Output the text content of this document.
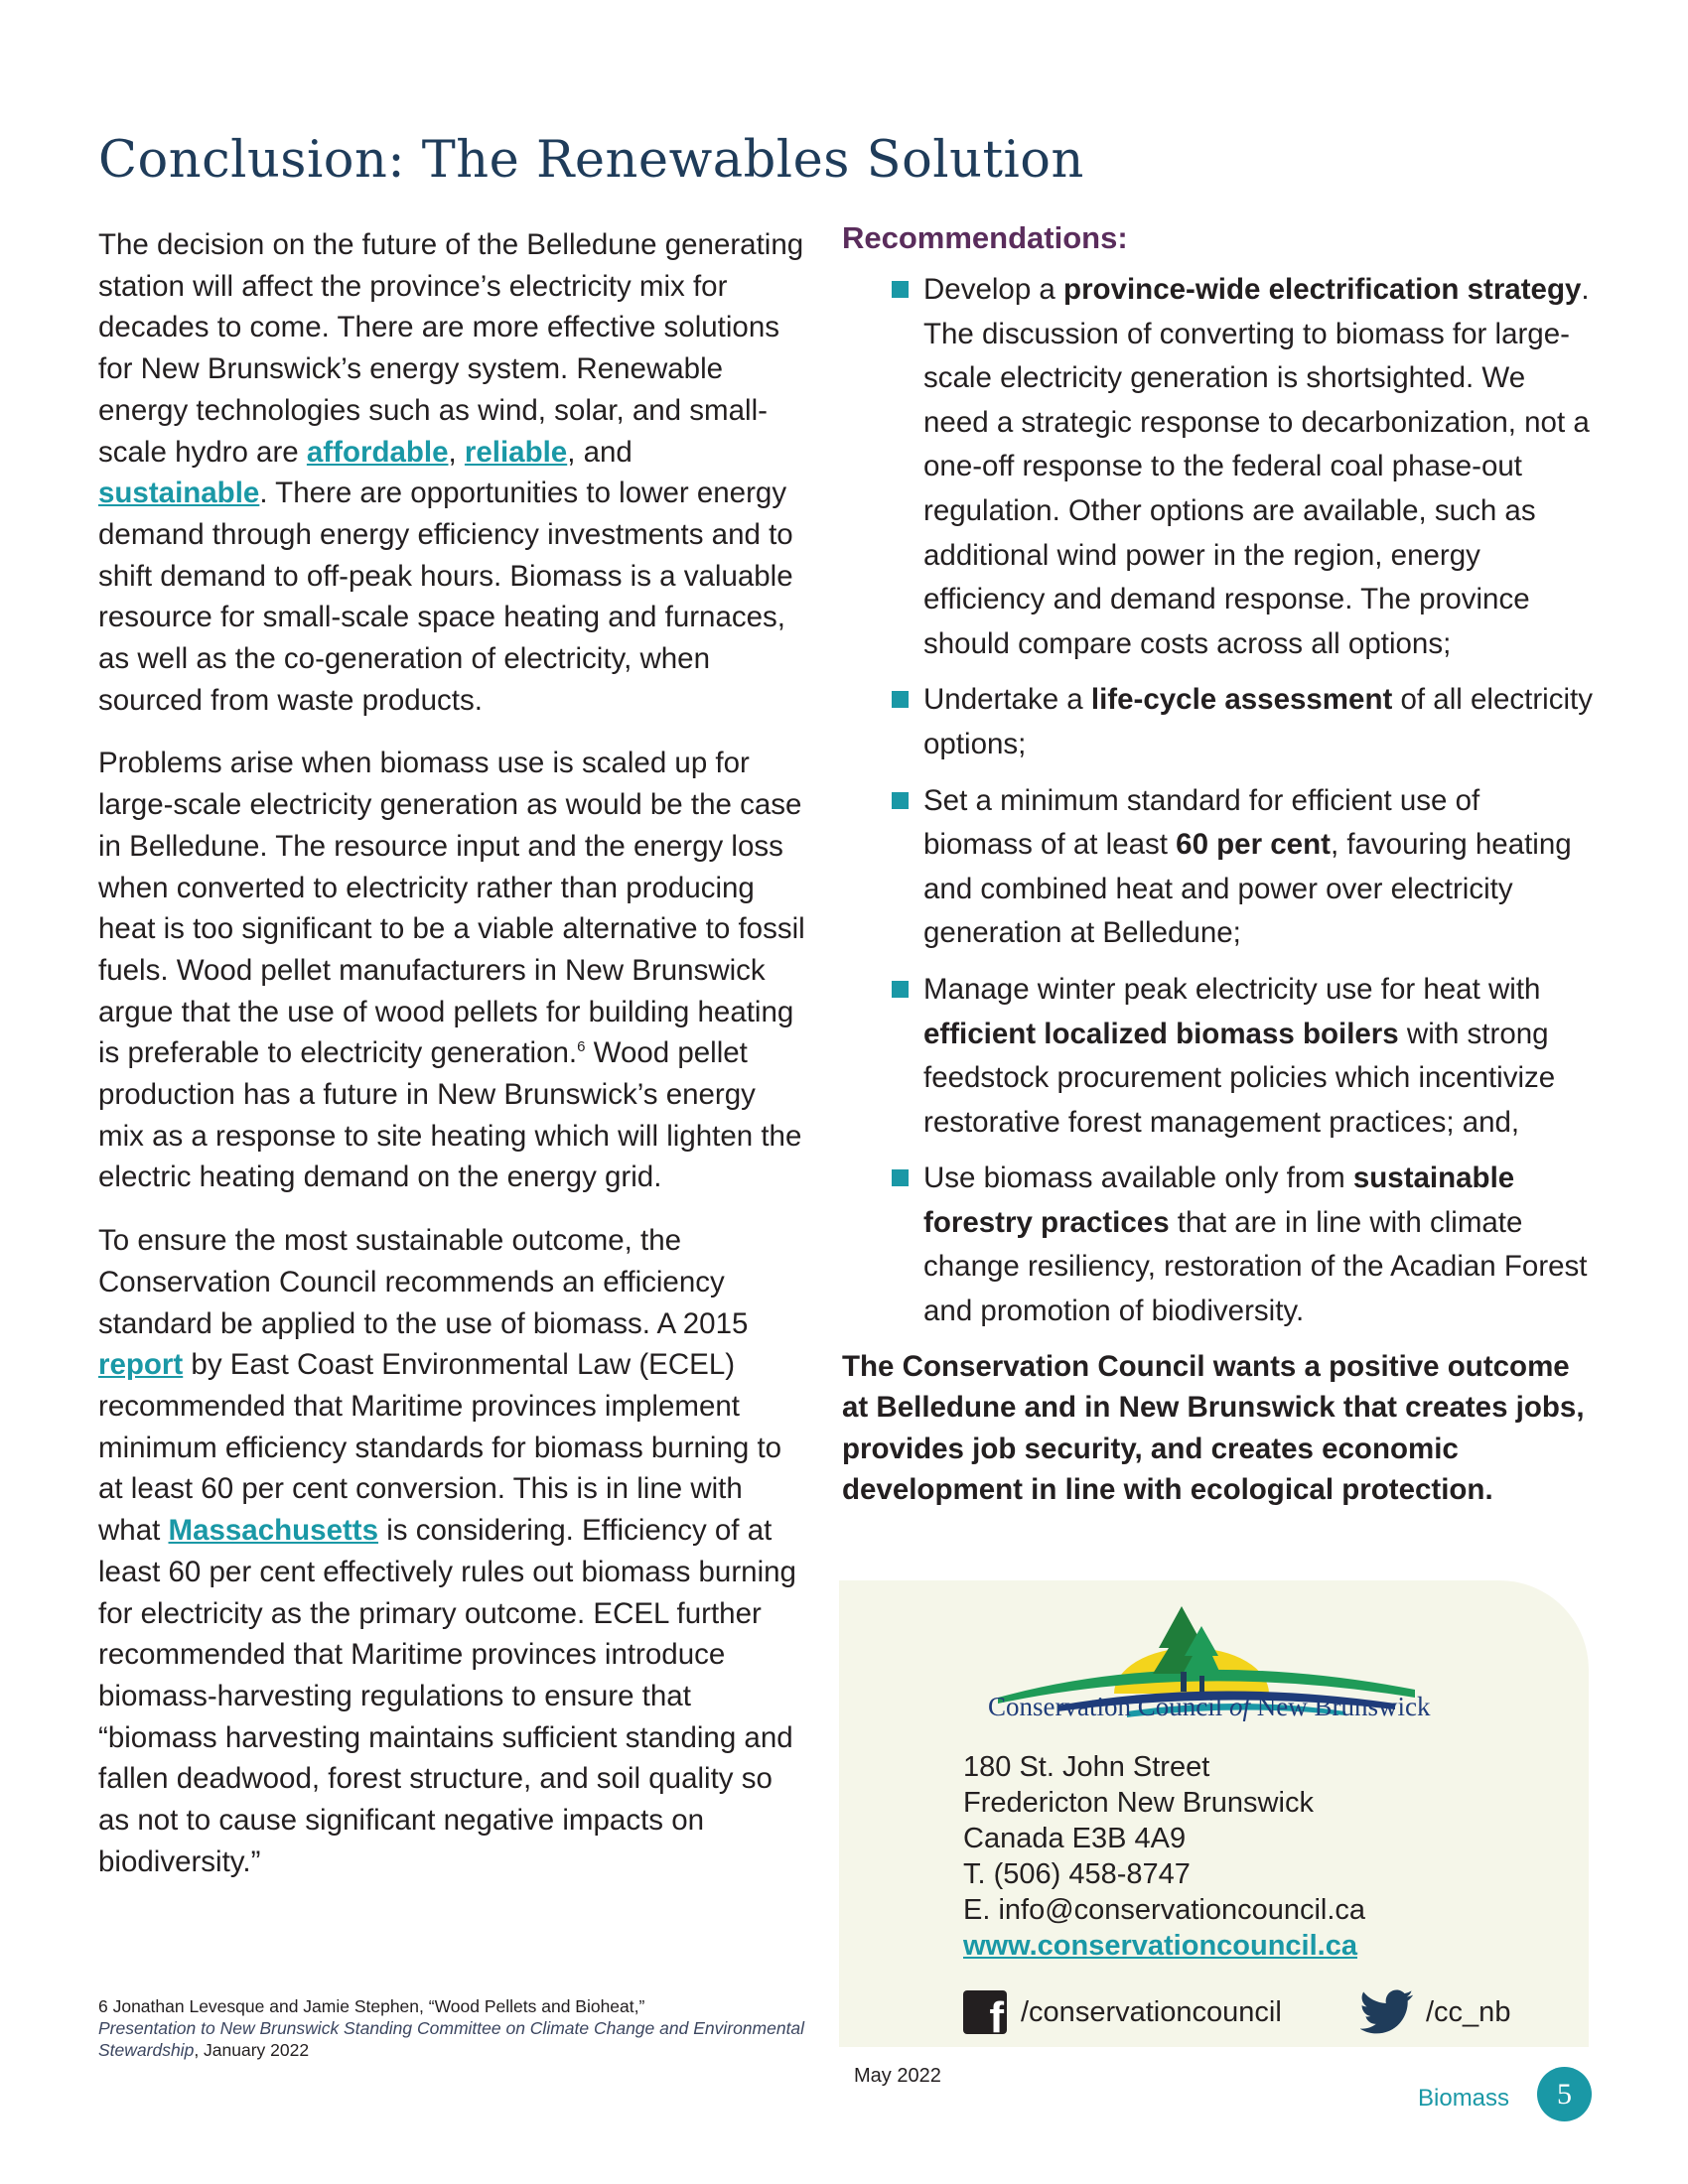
Conclusion: The Renewables Solution

The decision on the future of the Belledune generating station will affect the province’s electricity mix for decades to come. There are more effective solutions for New Brunswick’s energy system. Renewable energy technologies such as wind, solar, and small-scale hydro are affordable, reliable, and sustainable. There are opportunities to lower energy demand through energy efficiency investments and to shift demand to off-peak hours. Biomass is a valuable resource for small-scale space heating and furnaces, as well as the co-generation of electricity, when sourced from waste products.

Problems arise when biomass use is scaled up for large-scale electricity generation as would be the case in Belledune. The resource input and the energy loss when converted to electricity rather than producing heat is too significant to be a viable alternative to fossil fuels. Wood pellet manufacturers in New Brunswick argue that the use of wood pellets for building heating is preferable to electricity generation.$^6$ Wood pellet production has a future in New Brunswick’s energy mix as a response to site heating which will lighten the electric heating demand on the energy grid.

To ensure the most sustainable outcome, the Conservation Council recommends an efficiency standard be applied to the use of biomass. A 2015 report by East Coast Environmental Law (ECEL) recommended that Maritime provinces implement minimum efficiency standards for biomass burning to at least 60 per cent conversion. This is in line with what Massachusetts is considering. Efficiency of at least 60 per cent effectively rules out biomass burning for electricity as the primary outcome. ECEL further recommended that Maritime provinces introduce biomass-harvesting regulations to ensure that “biomass harvesting maintains sufficient standing and fallen deadwood, forest structure, and soil quality so as not to cause significant negative impacts on biodiversity.”

Recommendations:
Develop a province-wide electrification strategy. The discussion of converting to biomass for large-scale electricity generation is shortsighted. We need a strategic response to decarbonization, not a one-off response to the federal coal phase-out regulation. Other options are available, such as additional wind power in the region, energy efficiency and demand response. The province should compare costs across all options;
Undertake a life-cycle assessment of all electricity options;
Set a minimum standard for efficient use of biomass of at least 60 per cent, favouring heating and combined heat and power over electricity generation at Belledune;
Manage winter peak electricity use for heat with efficient localized biomass boilers with strong feedstock procurement policies which incentivize restorative forest management practices; and,
Use biomass available only from sustainable forestry practices that are in line with climate change resiliency, restoration of the Acadian Forest and promotion of biodiversity.

The Conservation Council wants a positive outcome at Belledune and in New Brunswick that creates jobs, provides job security, and creates economic development in line with ecological protection.

Conservation Council of New Brunswick
180 St. John Street
Fredericton New Brunswick
Canada E3B 4A9
T. (506) 458-8747
E. info@conservationcouncil.ca
www.conservationcouncil.ca
f /conservationcouncil	/cc_nb
6 Jonathan Levesque and Jamie Stephen, “Wood Pellets and Bioheat,”
Presentation to New Brunswick Standing Committee on Climate Change and Environmental Stewardship, January 2022
May 2022
Biomass	5
